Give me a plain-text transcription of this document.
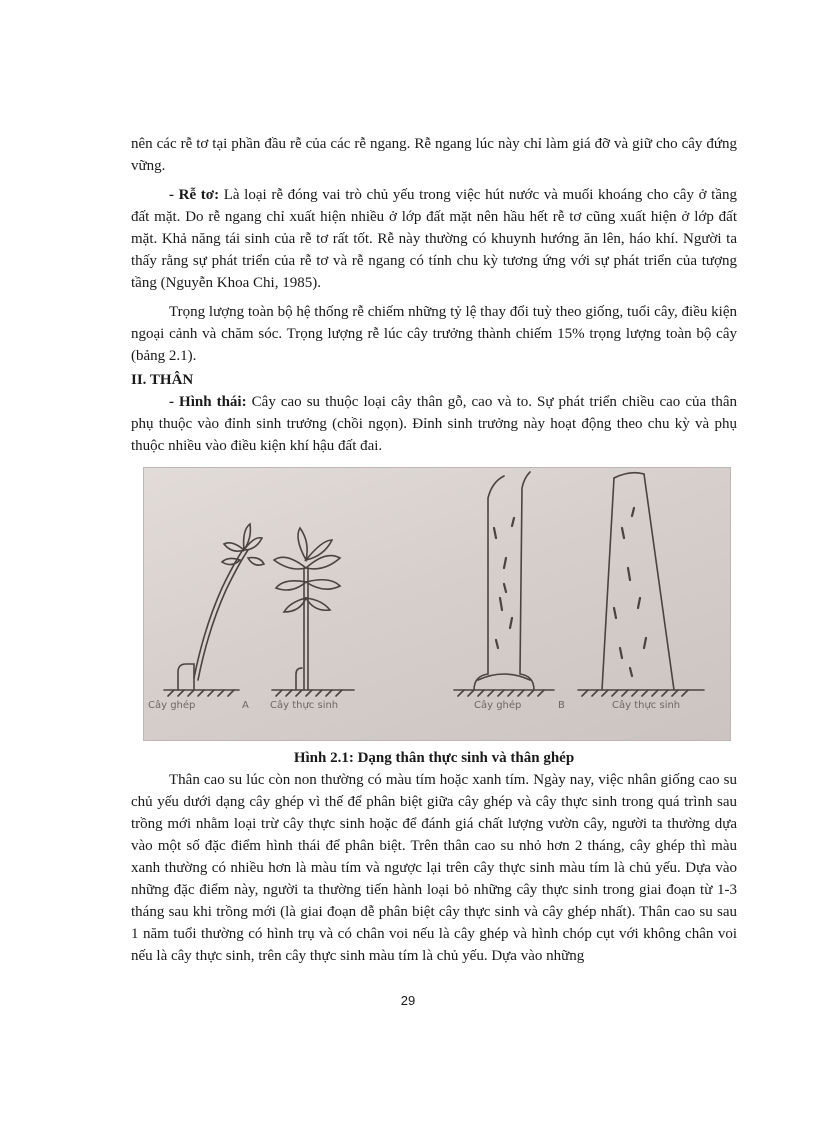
nên các rễ tơ tại phần đầu rễ của các rễ ngang. Rễ ngang lúc này chỉ làm giá đỡ và giữ cho cây đứng vững.

- Rễ tơ: Là loại rễ đóng vai trò chủ yếu trong việc hút nước và muối khoáng cho cây ở tầng đất mặt. Do rễ ngang chỉ xuất hiện nhiều ở lớp đất mặt nên hầu hết rễ tơ cũng xuất hiện ở lớp đất mặt. Khả năng tái sinh của rễ tơ rất tốt. Rễ này thường có khuynh hướng ăn lên, háo khí. Người ta thấy rằng sự phát triển của rễ tơ và rễ ngang có tính chu kỳ tương ứng với sự phát triển của tượng tầng (Nguyễn Khoa Chi, 1985).

Trọng lượng toàn bộ hệ thống rễ chiếm những tỷ lệ thay đổi tuỳ theo giống, tuổi cây, điều kiện ngoại cảnh và chăm sóc. Trọng lượng rễ lúc cây trưởng thành chiếm 15% trọng lượng toàn bộ cây (bảng 2.1).

II. THÂN

- Hình thái: Cây cao su thuộc loại cây thân gỗ, cao và to. Sự phát triển chiều cao của thân phụ thuộc vào đỉnh sinh trưởng (chồi ngọn). Đỉnh sinh trưởng này hoạt động theo chu kỳ và phụ thuộc nhiều vào điều kiện khí hậu đất đai.

Cây ghép	A Cây thực sinh	Cây ghép	B	Cây thực sinh

Hình 2.1: Dạng thân thực sinh và thân ghép

Thân cao su lúc còn non thường có màu tím hoặc xanh tím. Ngày nay, việc nhân giống cao su chủ yếu dưới dạng cây ghép vì thế để phân biệt giữa cây ghép và cây thực sinh trong quá trình sau trồng mới nhằm loại trừ cây thực sinh hoặc để đánh giá chất lượng vườn cây, người ta thường dựa vào một số đặc điểm hình thái để phân biệt. Trên thân cao su nhỏ hơn 2 tháng, cây ghép thì màu xanh thường có nhiều hơn là màu tím và ngược lại trên cây thực sinh màu tím là chủ yếu. Dựa vào những đặc điểm này, người ta thường tiến hành loại bỏ những cây thực sinh trong giai đoạn từ 1-3 tháng sau khi trồng mới (là giai đoạn dễ phân biệt cây thực sinh và cây ghép nhất). Thân cao su sau 1 năm tuổi thường có hình trụ và có chân voi nếu là cây ghép và hình chóp cụt với không chân voi nếu là cây thực sinh, trên cây thực sinh màu tím là chủ yếu. Dựa vào những

29
